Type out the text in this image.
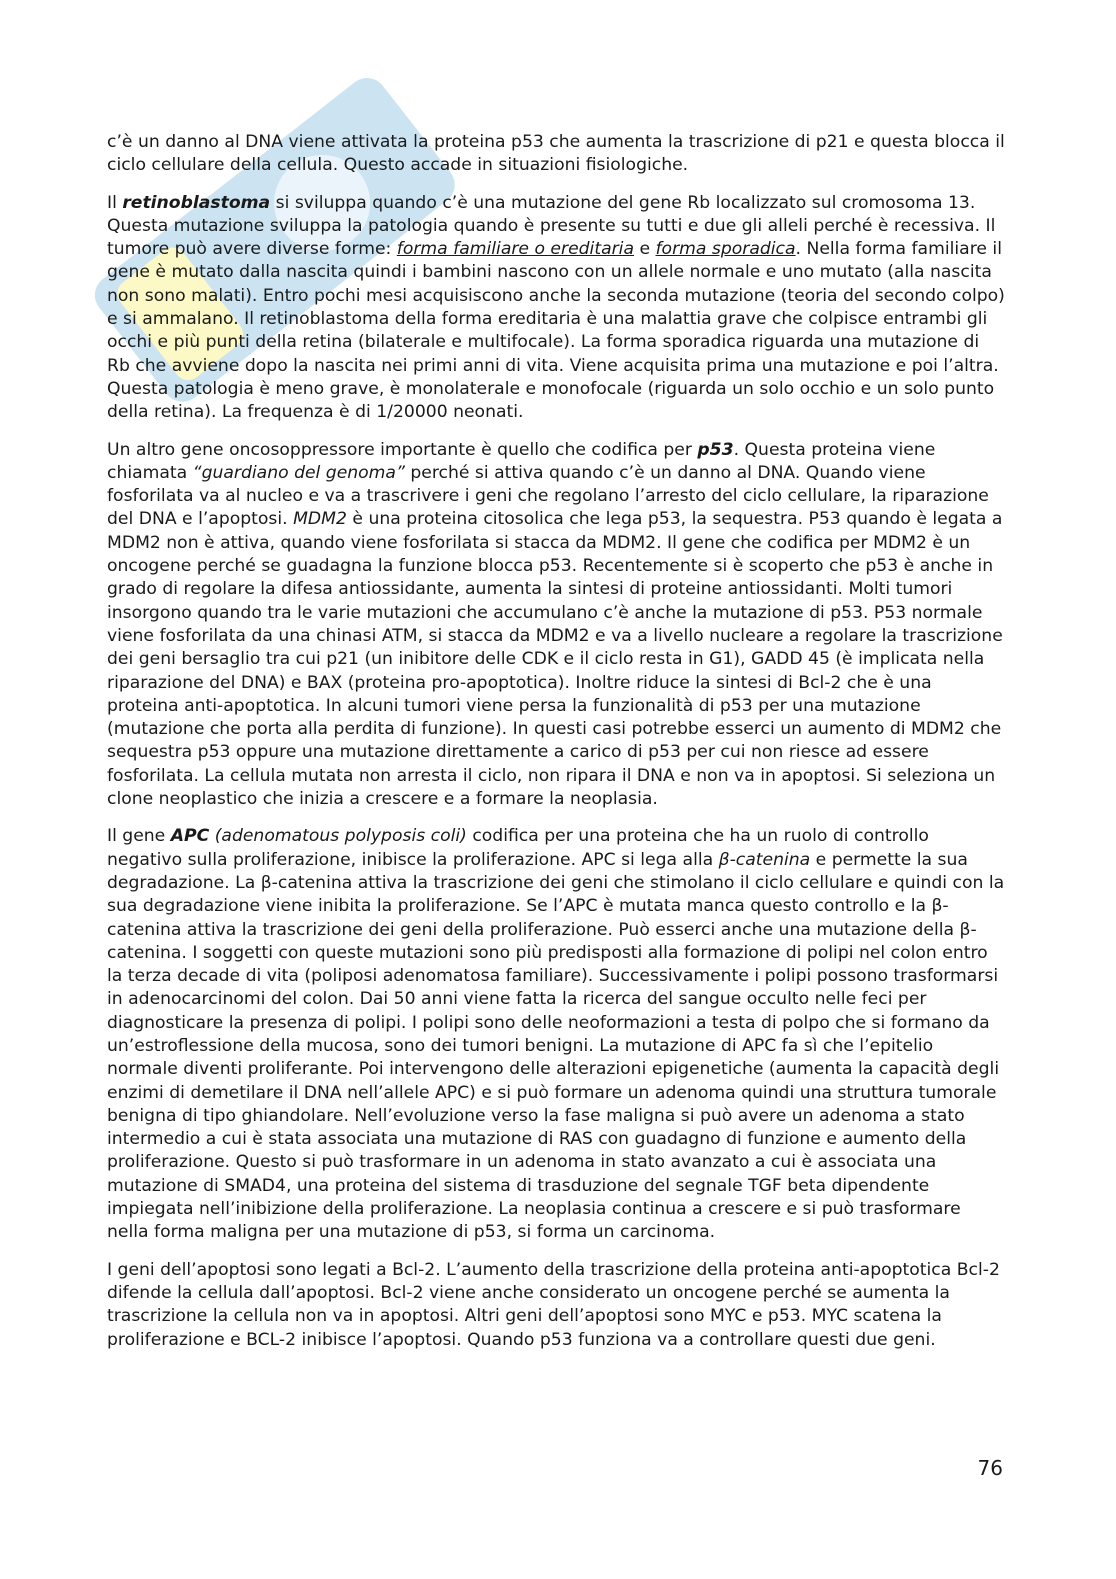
c’è un danno al DNA viene attivata la proteina p53 che aumenta la trascrizione di p21 e questa blocca il ciclo cellulare della cellula. Questo accade in situazioni fisiologiche.

Il retinoblastoma si sviluppa quando c’è una mutazione del gene Rb localizzato sul cromosoma 13. Questa mutazione sviluppa la patologia quando è presente su tutti e due gli alleli perché è recessiva. Il tumore può avere diverse forme: forma familiare o ereditaria e forma sporadica. Nella forma familiare il gene è mutato dalla nascita quindi i bambini nascono con un allele normale e uno mutato (alla nascita non sono malati). Entro pochi mesi acquisiscono anche la seconda mutazione (teoria del secondo colpo) e si ammalano. Il retinoblastoma della forma ereditaria è una malattia grave che colpisce entrambi gli occhi e più punti della retina (bilaterale e multifocale). La forma sporadica riguarda una mutazione di Rb che avviene dopo la nascita nei primi anni di vita. Viene acquisita prima una mutazione e poi l’altra. Questa patologia è meno grave, è monolaterale e monofocale (riguarda un solo occhio e un solo punto della retina). La frequenza è di 1/20000 neonati.

Un altro gene oncosoppressore importante è quello che codifica per p53. Questa proteina viene chiamata “guardiano del genoma” perché si attiva quando c’è un danno al DNA. Quando viene fosforilata va al nucleo e va a trascrivere i geni che regolano l’arresto del ciclo cellulare, la riparazione del DNA e l’apoptosi. MDM2 è una proteina citosolica che lega p53, la sequestra. P53 quando è legata a MDM2 non è attiva, quando viene fosforilata si stacca da MDM2. Il gene che codifica per MDM2 è un oncogene perché se guadagna la funzione blocca p53. Recentemente si è scoperto che p53 è anche in grado di regolare la difesa antiossidante, aumenta la sintesi di proteine antiossidanti. Molti tumori insorgono quando tra le varie mutazioni che accumulano c’è anche la mutazione di p53. P53 normale viene fosforilata da una chinasi ATM, si stacca da MDM2 e va a livello nucleare a regolare la trascrizione dei geni bersaglio tra cui p21 (un inibitore delle CDK e il ciclo resta in G1), GADD 45 (è implicata nella riparazione del DNA) e BAX (proteina pro-apoptotica). Inoltre riduce la sintesi di Bcl-2 che è una proteina anti-apoptotica. In alcuni tumori viene persa la funzionalità di p53 per una mutazione (mutazione che porta alla perdita di funzione). In questi casi potrebbe esserci un aumento di MDM2 che sequestra p53 oppure una mutazione direttamente a carico di p53 per cui non riesce ad essere fosforilata. La cellula mutata non arresta il ciclo, non ripara il DNA e non va in apoptosi. Si seleziona un clone neoplastico che inizia a crescere e a formare la neoplasia.

Il gene APC (adenomatous polyposis coli) codifica per una proteina che ha un ruolo di controllo negativo sulla proliferazione, inibisce la proliferazione. APC si lega alla β-catenina e permette la sua degradazione. La β-catenina attiva la trascrizione dei geni che stimolano il ciclo cellulare e quindi con la sua degradazione viene inibita la proliferazione. Se l’APC è mutata manca questo controllo e la β-catenina attiva la trascrizione dei geni della proliferazione. Può esserci anche una mutazione della β-catenina. I soggetti con queste mutazioni sono più predisposti alla formazione di polipi nel colon entro la terza decade di vita (poliposi adenomatosa familiare). Successivamente i polipi possono trasformarsi in adenocarcinomi del colon. Dai 50 anni viene fatta la ricerca del sangue occulto nelle feci per diagnosticare la presenza di polipi. I polipi sono delle neoformazioni a testa di polpo che si formano da un’estroflessione della mucosa, sono dei tumori benigni. La mutazione di APC fa sì che l’epitelio normale diventi proliferante. Poi intervengono delle alterazioni epigenetiche (aumenta la capacità degli enzimi di demetilare il DNA nell’allele APC) e si può formare un adenoma quindi una struttura tumorale benigna di tipo ghiandolare. Nell’evoluzione verso la fase maligna si può avere un adenoma a stato intermedio a cui è stata associata una mutazione di RAS con guadagno di funzione e aumento della proliferazione. Questo si può trasformare in un adenoma in stato avanzato a cui è associata una mutazione di SMAD4, una proteina del sistema di trasduzione del segnale TGF beta dipendente impiegata nell’inibizione della proliferazione. La neoplasia continua a crescere e si può trasformare nella forma maligna per una mutazione di p53, si forma un carcinoma.

I geni dell’apoptosi sono legati a Bcl-2. L’aumento della trascrizione della proteina anti-apoptotica Bcl-2 difende la cellula dall’apoptosi. Bcl-2 viene anche considerato un oncogene perché se aumenta la trascrizione la cellula non va in apoptosi. Altri geni dell’apoptosi sono MYC e p53. MYC scatena la proliferazione e BCL-2 inibisce l’apoptosi. Quando p53 funziona va a controllare questi due geni.

76
